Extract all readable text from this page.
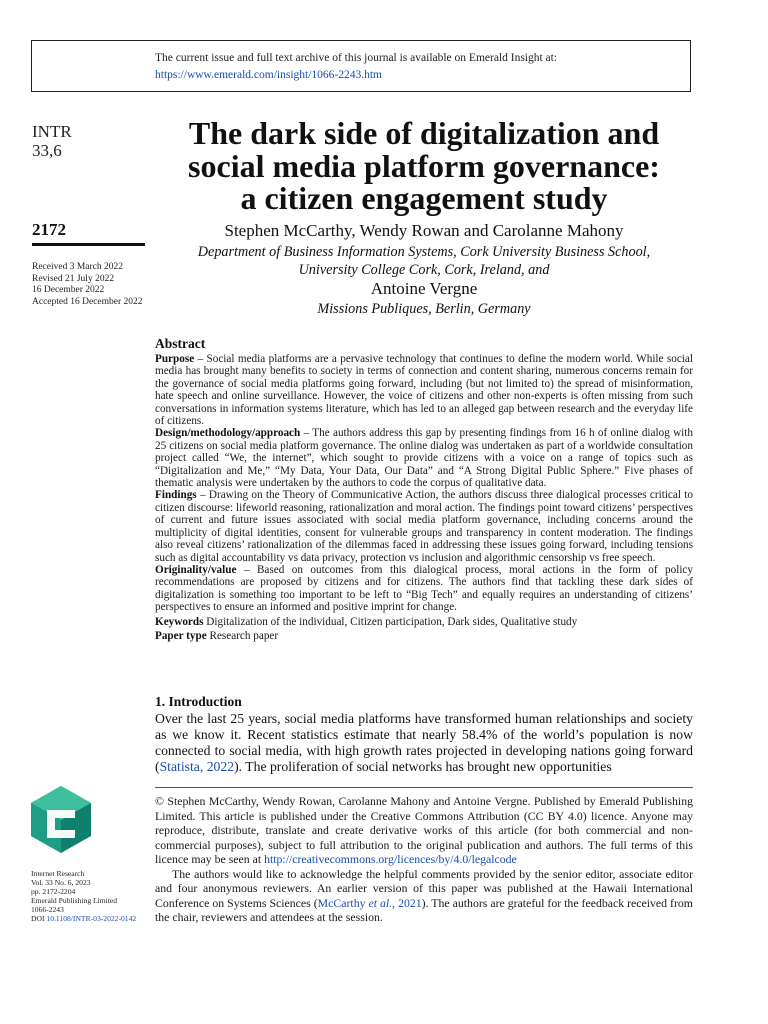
The current issue and full text archive of this journal is available on Emerald Insight at:
https://www.emerald.com/insight/1066-2243.htm
INTR
33,6
2172
Received 3 March 2022
Revised 21 July 2022
16 December 2022
Accepted 16 December 2022
The dark side of digitalization and
social media platform governance:
a citizen engagement study
Stephen McCarthy, Wendy Rowan and Carolanne Mahony
Department of Business Information Systems, Cork University Business School,
University College Cork, Cork, Ireland, and
Antoine Vergne
Missions Publiques, Berlin, Germany
Abstract

Purpose – Social media platforms are a pervasive technology that continues to define the modern world. While social media has brought many benefits to society in terms of connection and content sharing, numerous concerns remain for the governance of social media platforms going forward, including (but not limited to) the spread of misinformation, hate speech and online surveillance. However, the voice of citizens and other non-experts is often missing from such conversations in information systems literature, which has led to an alleged gap between research and the everyday life of citizens.

Design/methodology/approach – The authors address this gap by presenting findings from 16 h of online dialog with 25 citizens on social media platform governance. The online dialog was undertaken as part of a worldwide consultation project called “We, the internet”, which sought to provide citizens with a voice on a range of topics such as “Digitalization and Me,” “My Data, Your Data, Our Data” and “A Strong Digital Public Sphere.” Five phases of thematic analysis were undertaken by the authors to code the corpus of qualitative data.

Findings – Drawing on the Theory of Communicative Action, the authors discuss three dialogical processes critical to citizen discourse: lifeworld reasoning, rationalization and moral action. The findings point toward citizens’ perspectives of current and future issues associated with social media platform governance, including concerns around the multiplicity of digital identities, consent for vulnerable groups and transparency in content moderation. The findings also reveal citizens’ rationalization of the dilemmas faced in addressing these issues going forward, including tensions such as digital accountability vs data privacy, protection vs inclusion and algorithmic censorship vs free speech.

Originality/value – Based on outcomes from this dialogical process, moral actions in the form of policy recommendations are proposed by citizens and for citizens. The authors find that tackling these dark sides of digitalization is something too important to be left to “Big Tech” and equally requires an understanding of citizens’ perspectives to ensure an informed and positive imprint for change.

Keywords Digitalization of the individual, Citizen participation, Dark sides, Qualitative study

Paper type Research paper

1. Introduction

Over the last 25 years, social media platforms have transformed human relationships and society as we know it. Recent statistics estimate that nearly 58.4% of the world’s population is now connected to social media, with high growth rates projected in developing nations going forward (Statista, 2022). The proliferation of social networks has brought new opportunities

© Stephen McCarthy, Wendy Rowan, Carolanne Mahony and Antoine Vergne. Published by Emerald Publishing Limited. This article is published under the Creative Commons Attribution (CC BY 4.0) licence. Anyone may reproduce, distribute, translate and create derivative works of this article (for both commercial and non-commercial purposes), subject to full attribution to the original publication and authors. The full terms of this licence may be seen at http://creativecommons.org/licences/by/4.0/legalcode

The authors would like to acknowledge the helpful comments provided by the senior editor, associate editor and four anonymous reviewers. An earlier version of this paper was published at the Hawaii International Conference on Systems Sciences (McCarthy et al., 2021). The authors are grateful for the feedback received from the chair, reviewers and attendees at the session.

Internet Research
Vol. 33 No. 6, 2023
pp. 2172-2204
Emerald Publishing Limited
1066-2243
DOI 10.1108/INTR-03-2022-0142
